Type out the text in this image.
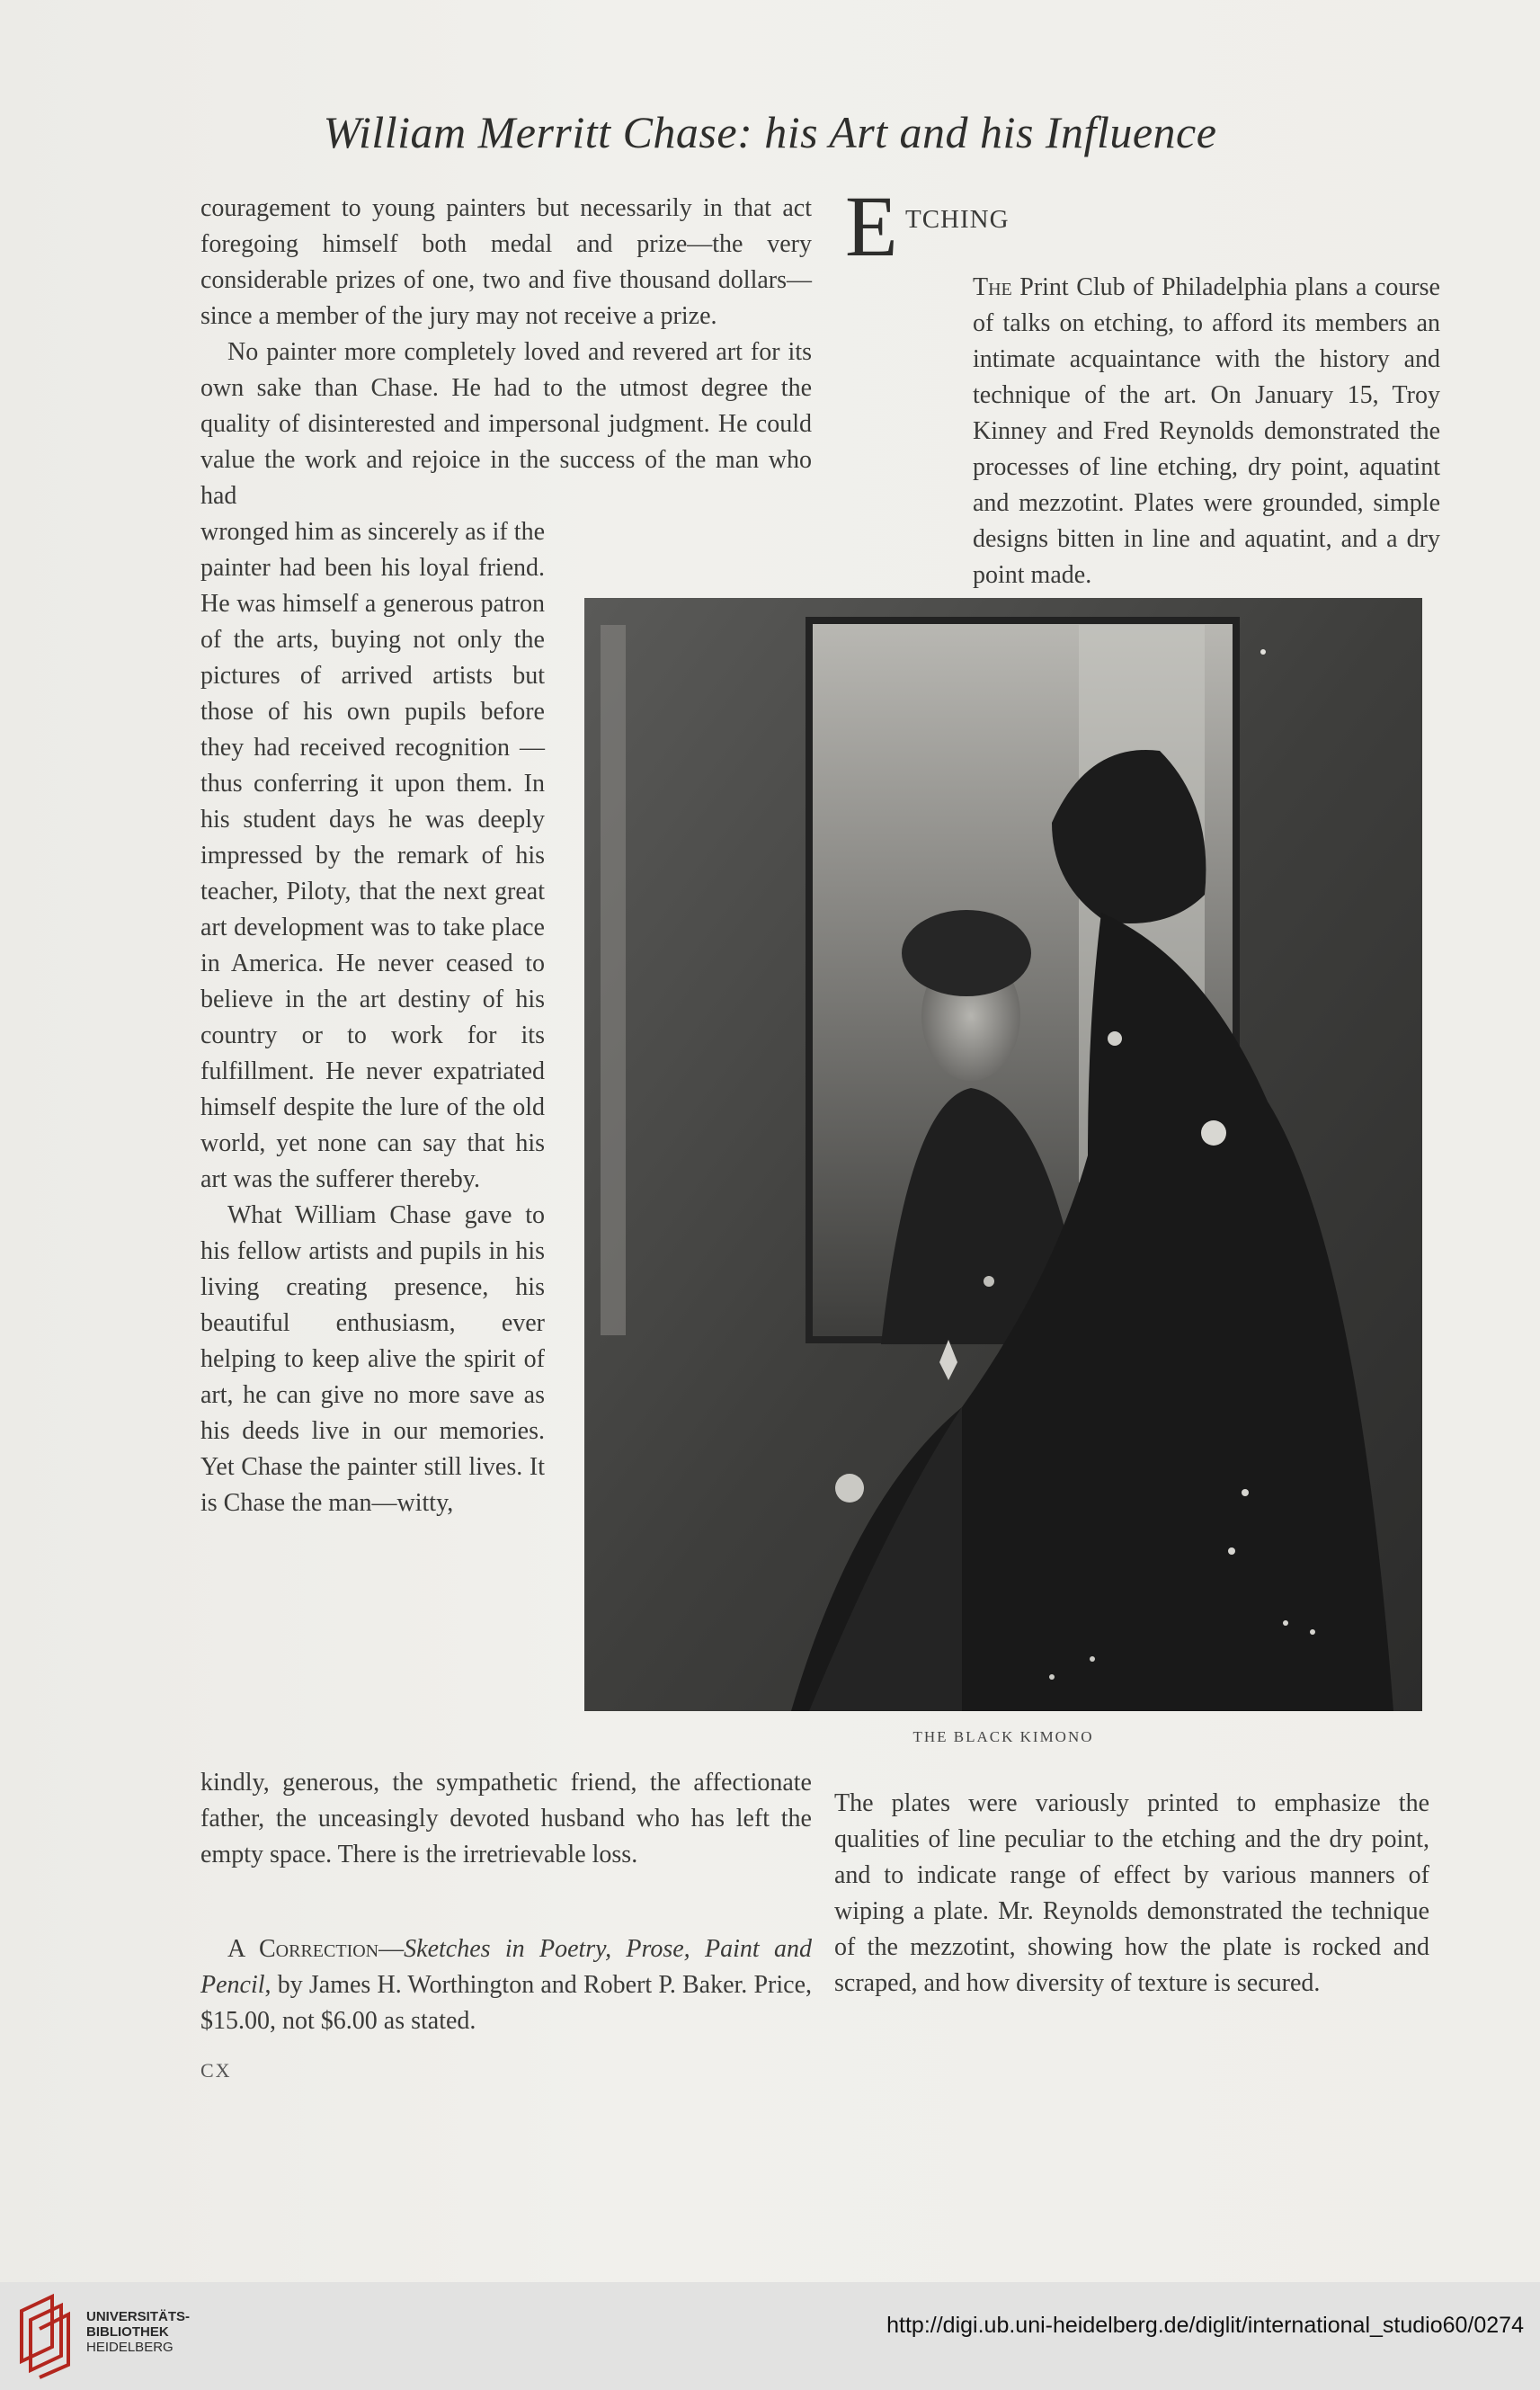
William Merritt Chase: his Art and his Influence

couragement to young painters but necessarily in that act foregoing himself both medal and prize—the very considerable prizes of one, two and five thousand dollars—since a member of the jury may not receive a prize.

No painter more completely loved and revered art for its own sake than Chase. He had to the utmost degree the quality of disinterested and impersonal judgment. He could value the work and rejoice in the success of the man who had

wronged him as sincerely as if the painter had been his loyal friend. He was himself a generous patron of the arts, buying not only the pictures of arrived artists but those of his own pupils before they had received recognition — thus conferring it upon them. In his student days he was deeply impressed by the remark of his teacher, Piloty, that the next great art development was to take place in America. He never ceased to believe in the art destiny of his country or to work for its fulfillment. He never expatriated himself despite the lure of the old world, yet none can say that his art was the sufferer thereby.

What William Chase gave to his fellow artists and pupils in his living creating presence, his beautiful enthusiasm, ever helping to keep alive the spirit of art, he can give no more save as his deeds live in our memories. Yet Chase the painter still lives. It is Chase the man—witty,

kindly, generous, the sympathetic friend, the affectionate father, the unceasingly devoted husband who has left the empty space. There is the irretrievable loss.

A Correction—Sketches in Poetry, Prose, Paint and Pencil, by James H. Worthington and Robert P. Baker. Price, $15.00, not $6.00 as stated.

CX
E TCHING

The Print Club of Philadelphia plans a course of talks on etching, to afford its members an intimate acquaintance with the history and technique of the art. On January 15, Troy Kinney and Fred Reynolds demonstrated the processes of line etching, dry point, aquatint and mezzotint. Plates were grounded, simple designs bitten in line and aquatint, and a dry point made.

THE BLACK KIMONO

The plates were variously printed to emphasize the qualities of line peculiar to the etching and the dry point, and to indicate range of effect by various manners of wiping a plate. Mr. Reynolds demonstrated the technique of the mezzotint, showing how the plate is rocked and scraped, and how diversity of texture is secured.

UNIVERSITÄTS-
BIBLIOTHEK
HEIDELBERG
http://digi.ub.uni-heidelberg.de/diglit/international_studio60/0274
